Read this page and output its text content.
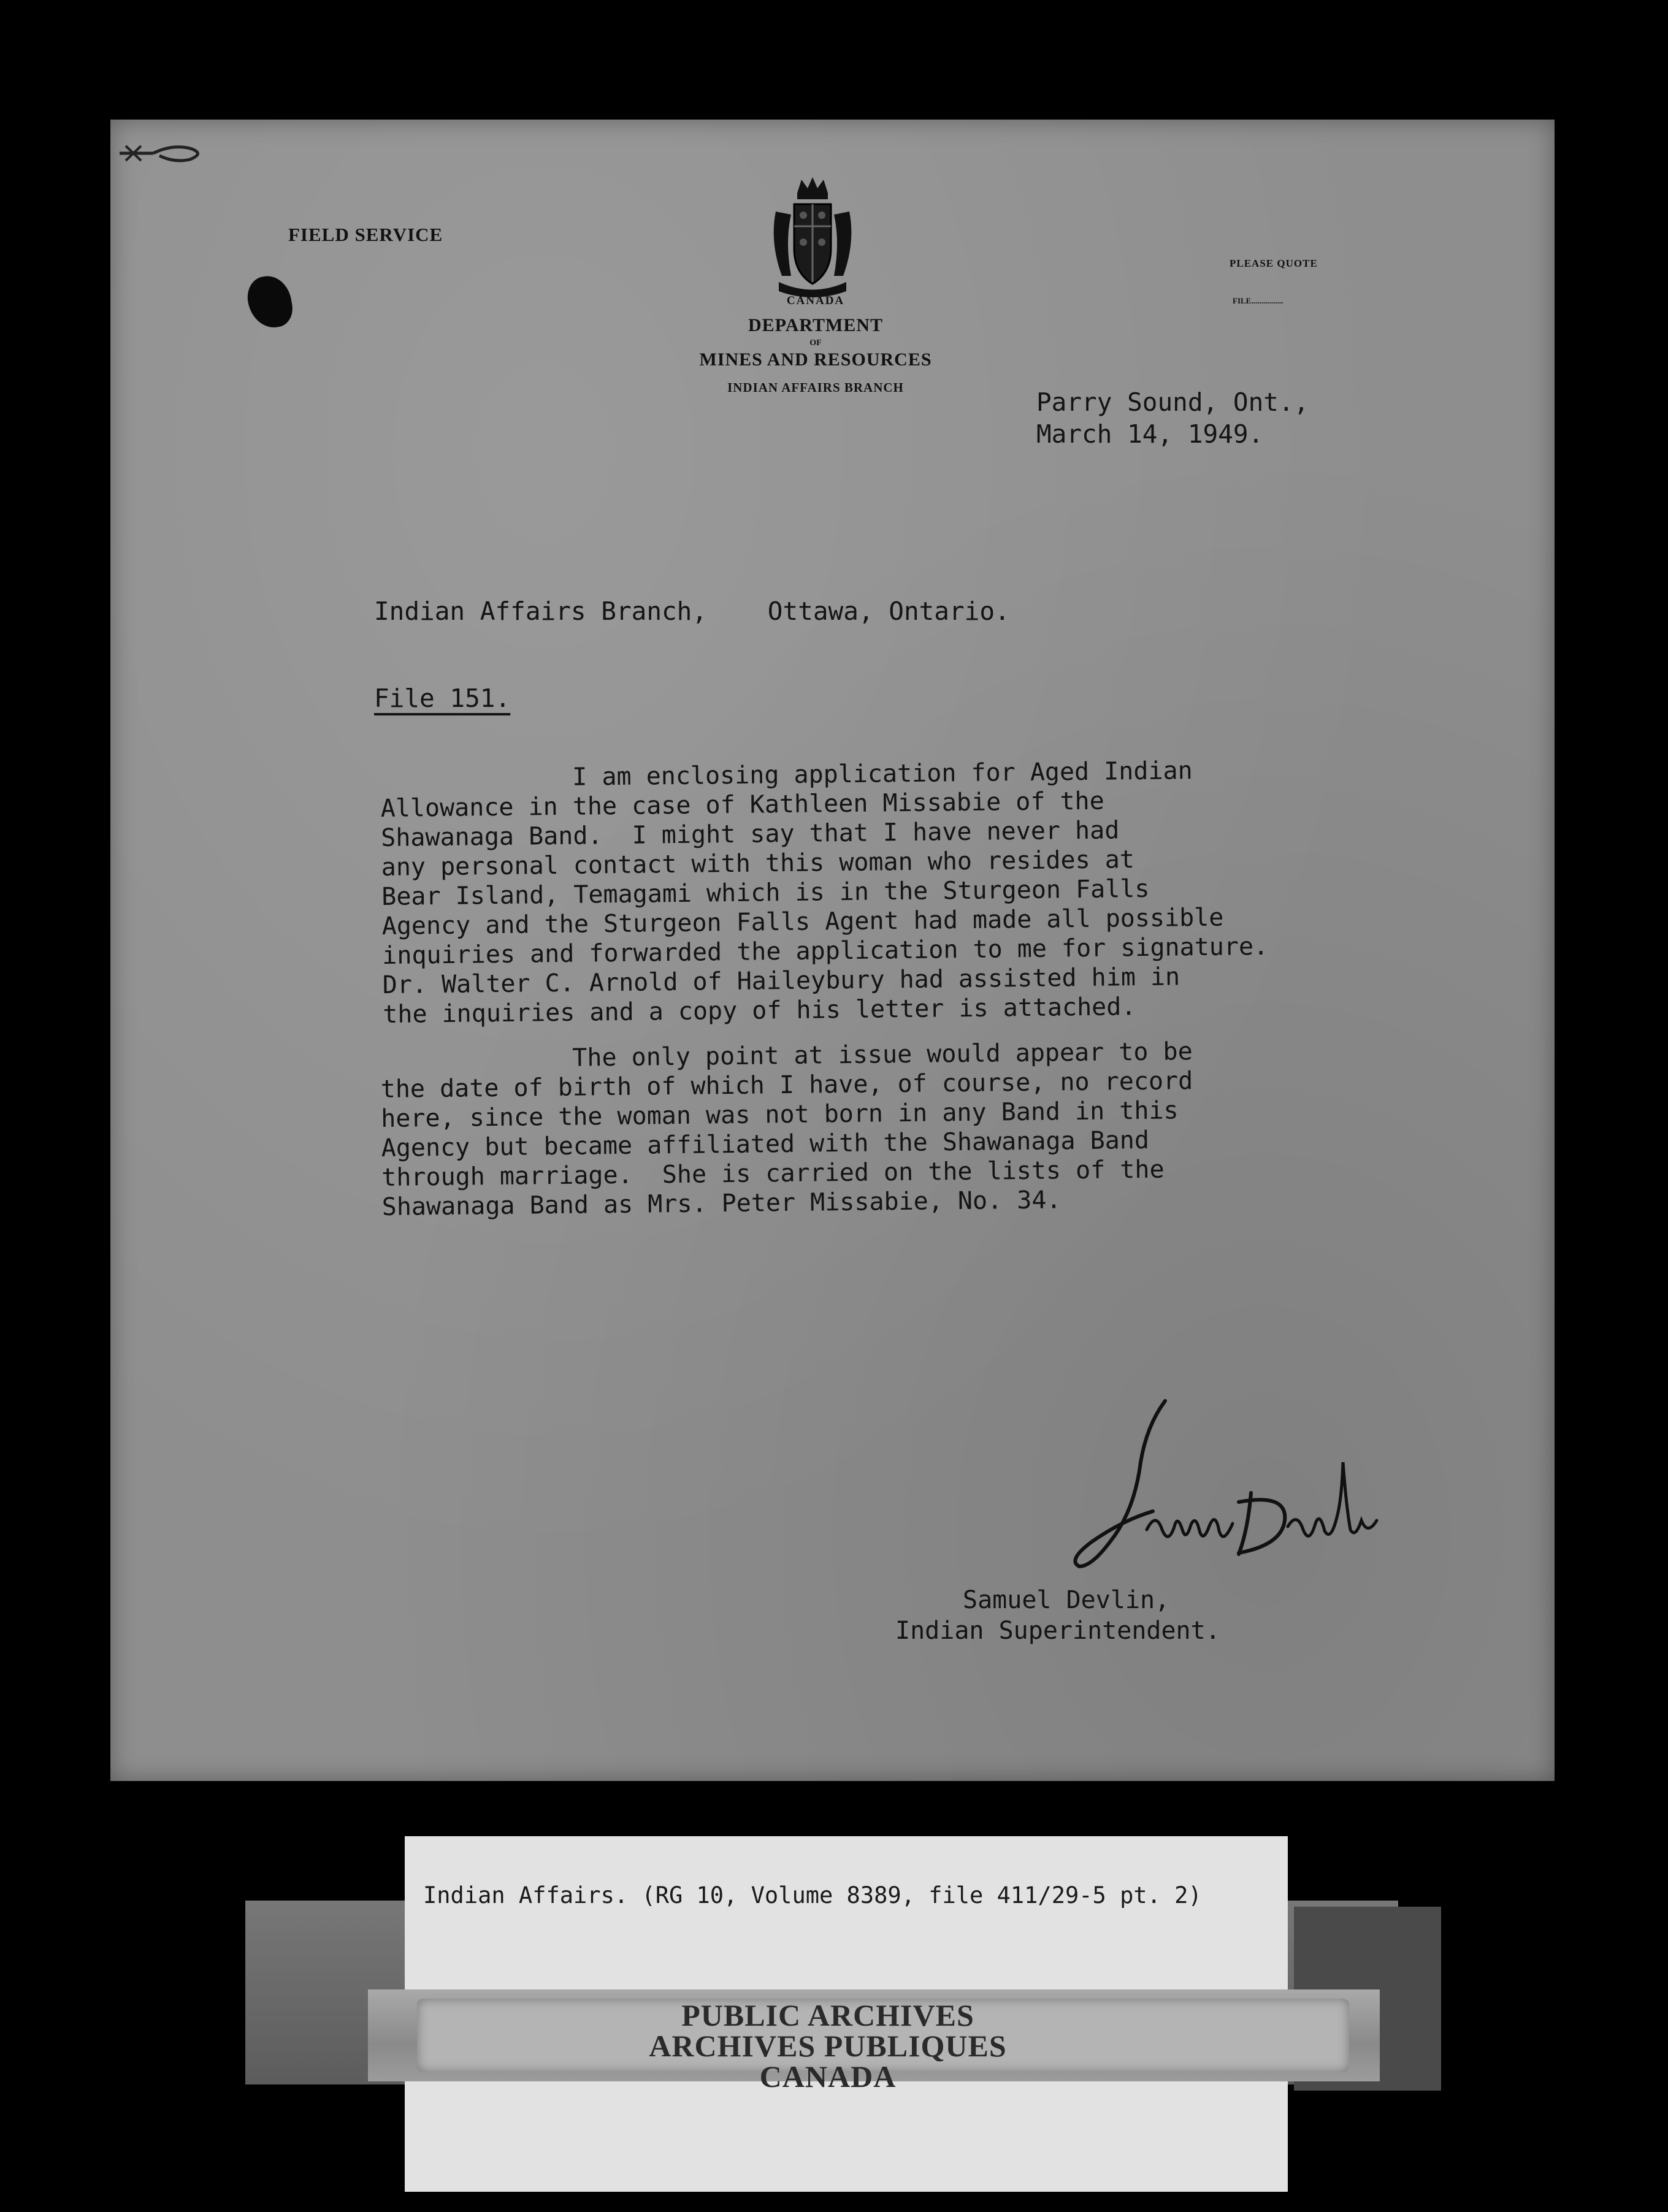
FIELD SERVICE
CANADA
DEPARTMENT
OF
MINES AND RESOURCES
INDIAN AFFAIRS BRANCH
PLEASE QUOTE
FILE................
Parry Sound, Ont.,
March 14, 1949.
Indian Affairs Branch,    Ottawa, Ontario.
File 151.
I am enclosing application for Aged Indian
Allowance in the case of Kathleen Missabie of the
Shawanaga Band.  I might say that I have never had
any personal contact with this woman who resides at
Bear Island, Temagami which is in the Sturgeon Falls
Agency and the Sturgeon Falls Agent had made all possible
inquiries and forwarded the application to me for signature.
Dr. Walter C. Arnold of Haileybury had assisted him in
the inquiries and a copy of his letter is attached.
The only point at issue would appear to be
the date of birth of which I have, of course, no record
here, since the woman was not born in any Band in this
Agency but became affiliated with the Shawanaga Band
through marriage.  She is carried on the lists of the
Shawanaga Band as Mrs. Peter Missabie, No. 34.
Samuel Devlin,
Indian Superintendent.
Indian Affairs. (RG 10, Volume 8389, file 411/29-5 pt. 2)
PUBLIC ARCHIVES
ARCHIVES PUBLIQUES
CANADA
